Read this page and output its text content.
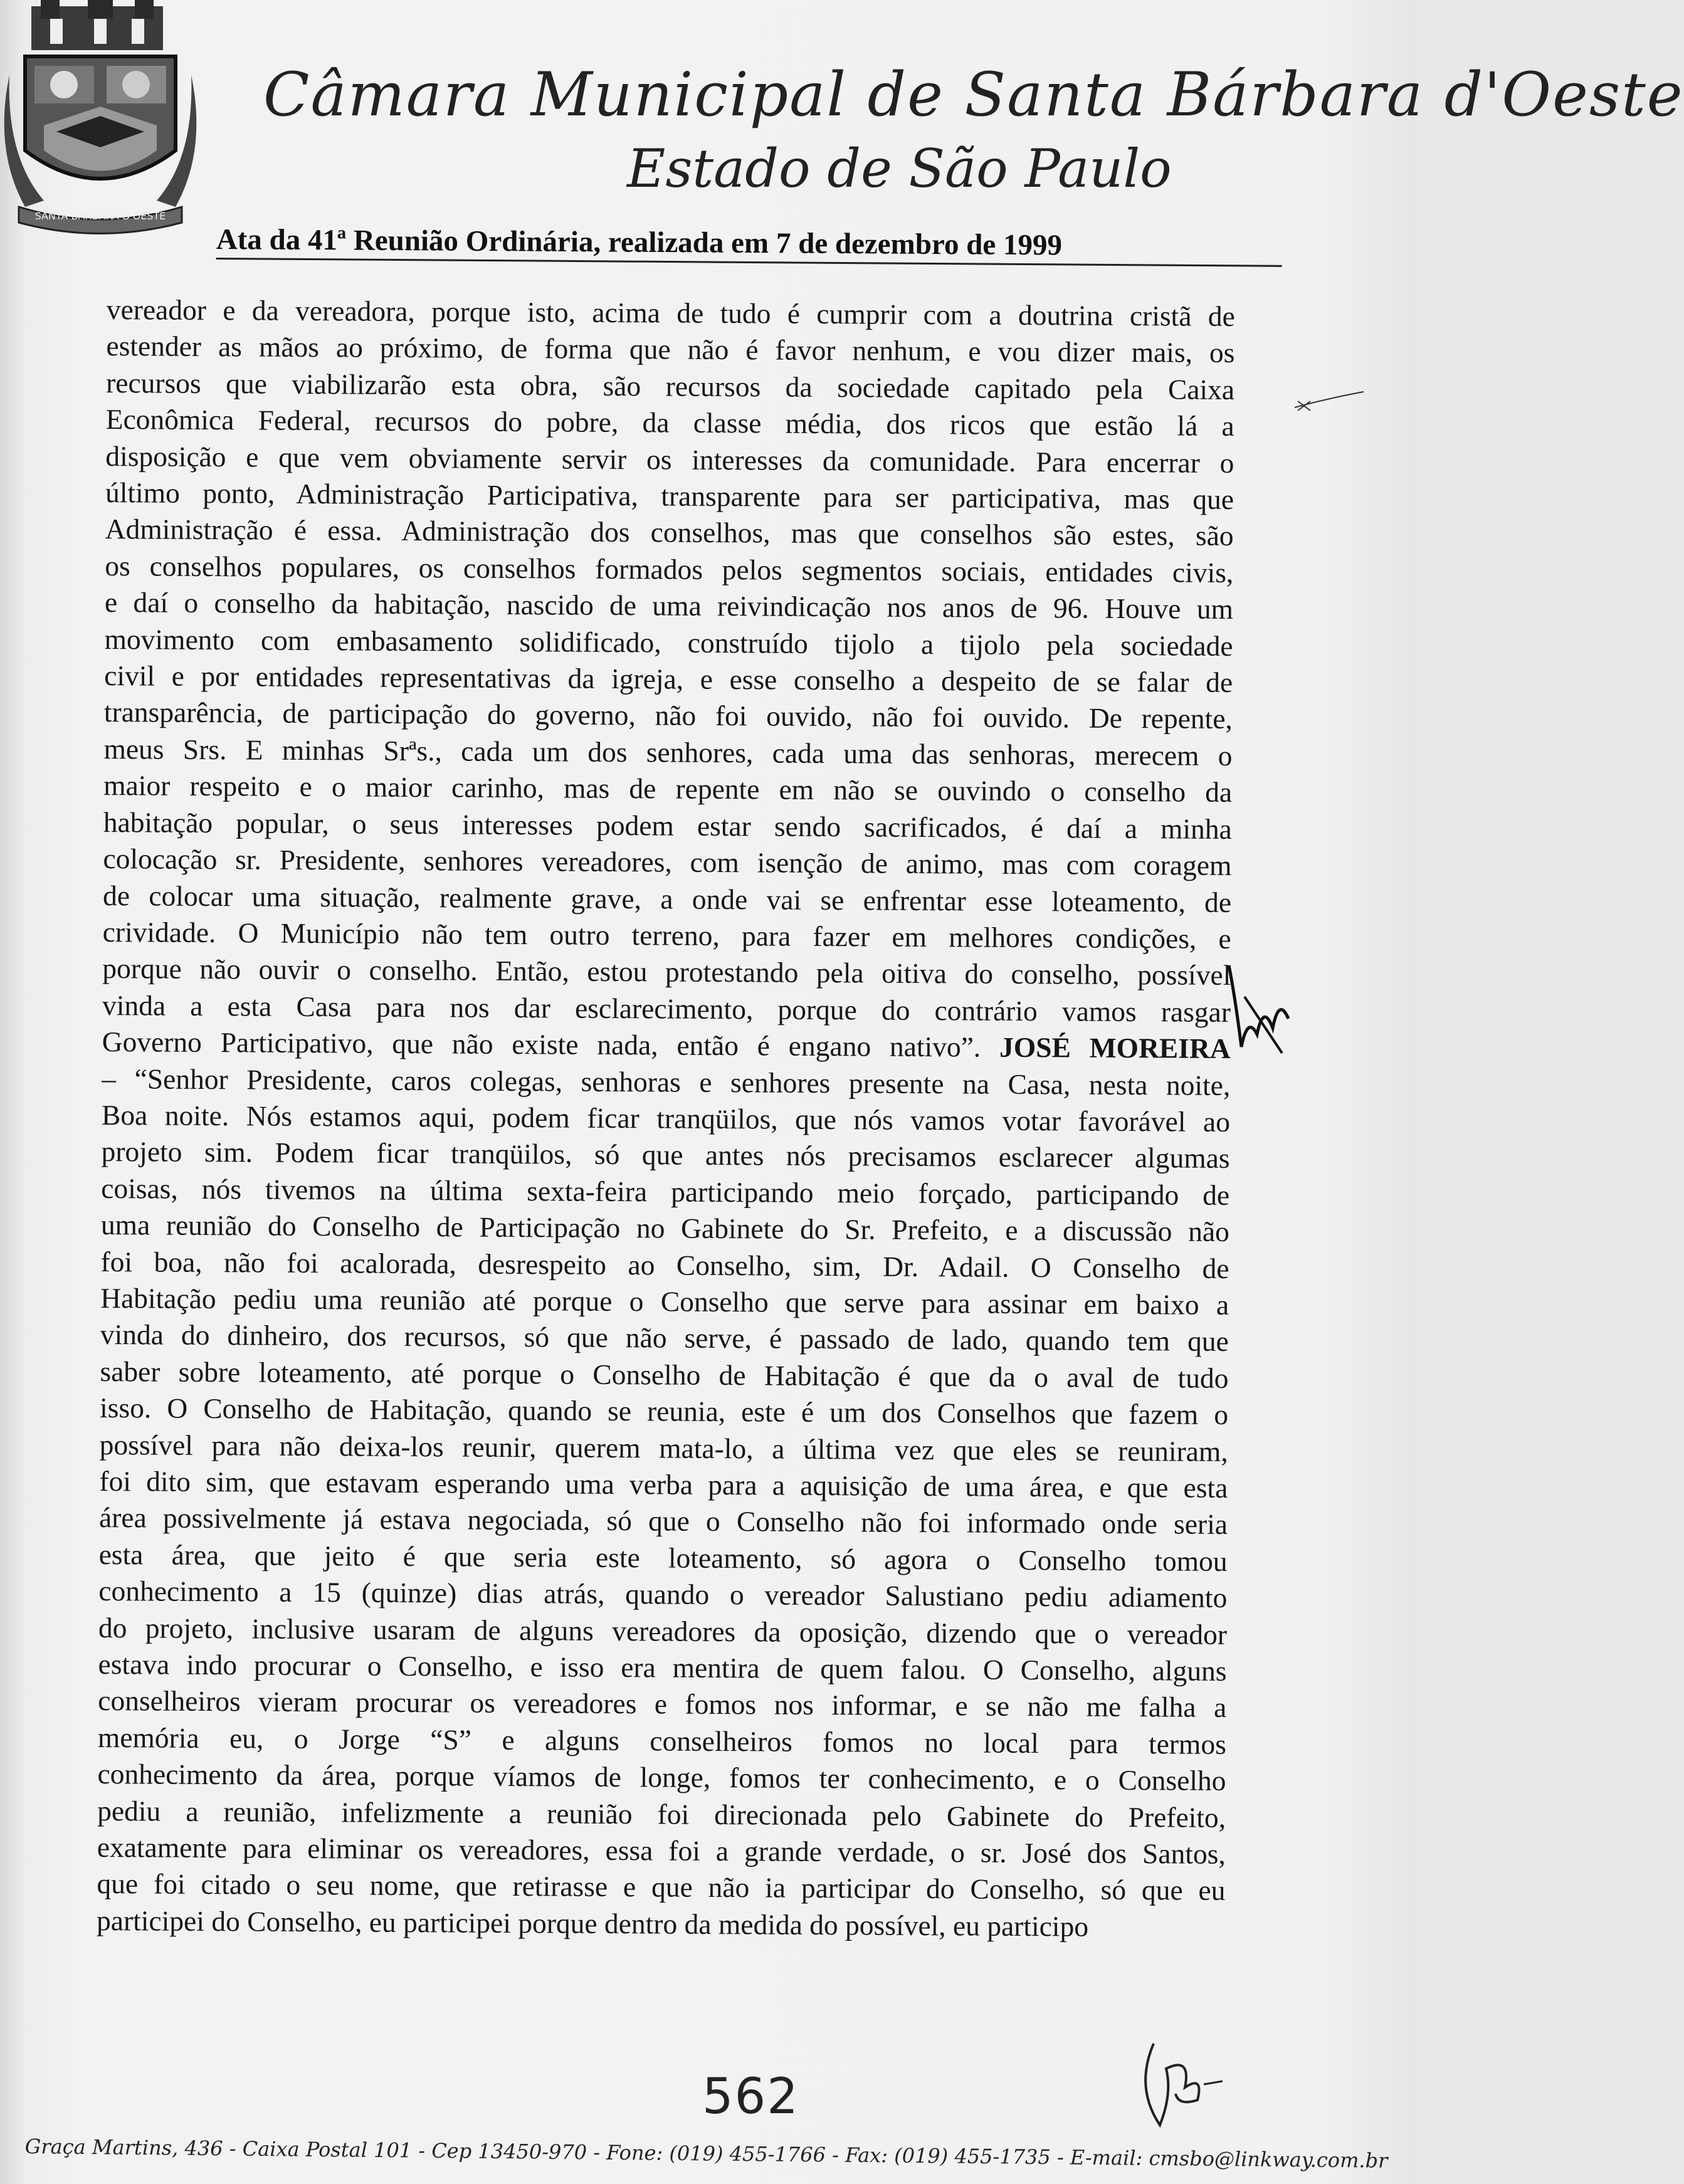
SANTA BÁRBARA D'OESTE
Câmara Municipal de Santa Bárbara d'Oeste
Estado de São Paulo
Ata da 41ª Reunião Ordinária, realizada em 7 de dezembro de 1999
vereador e da vereadora, porque isto, acima de tudo é cumprir com a doutrina cristã de
estender as mãos ao próximo, de forma que não é favor nenhum, e vou dizer mais, os
recursos que viabilizarão esta obra, são recursos da sociedade capitado pela Caixa
Econômica Federal, recursos do pobre, da classe média, dos ricos que estão lá a
disposição e que vem obviamente servir os interesses da comunidade. Para encerrar o
último ponto, Administração Participativa, transparente para ser participativa, mas que
Administração é essa. Administração dos conselhos, mas que conselhos são estes, são
os conselhos populares, os conselhos formados pelos segmentos sociais, entidades civis,
e daí o conselho da habitação, nascido de uma reivindicação nos anos de 96. Houve um
movimento com embasamento solidificado, construído tijolo a tijolo pela sociedade
civil e por entidades representativas da igreja, e esse conselho a despeito de se falar de
transparência, de participação do governo, não foi ouvido, não foi ouvido. De repente,
meus Srs. E minhas Srªs., cada um dos senhores, cada uma das senhoras, merecem o
maior respeito e o maior carinho, mas de repente em não se ouvindo o conselho da
habitação popular, o seus interesses podem estar sendo sacrificados, é daí a minha
colocação sr. Presidente, senhores vereadores, com isenção de animo, mas com coragem
de colocar uma situação, realmente grave, a onde vai se enfrentar esse loteamento, de
crividade. O Município não tem outro terreno, para fazer em melhores condições, e
porque não ouvir o conselho. Então, estou protestando pela oitiva do conselho, possível
vinda a esta Casa para nos dar esclarecimento, porque do contrário vamos rasgar
Governo Participativo, que não existe nada, então é engano nativo”. JOSÉ MOREIRA
– “Senhor Presidente, caros colegas, senhoras e senhores presente na Casa, nesta noite,
Boa noite. Nós estamos aqui, podem ficar tranqüilos, que nós vamos votar favorável ao
projeto sim. Podem ficar tranqüilos, só que antes nós precisamos esclarecer algumas
coisas, nós tivemos na última sexta-feira participando meio forçado, participando de
uma reunião do Conselho de Participação no Gabinete do Sr. Prefeito, e a discussão não
foi boa, não foi acalorada, desrespeito ao Conselho, sim, Dr. Adail. O Conselho de
Habitação pediu uma reunião até porque o Conselho que serve para assinar em baixo a
vinda do dinheiro, dos recursos, só que não serve, é passado de lado, quando tem que
saber sobre loteamento, até porque o Conselho de Habitação é que da o aval de tudo
isso. O Conselho de Habitação, quando se reunia, este é um dos Conselhos que fazem o
possível para não deixa-los reunir, querem mata-lo, a última vez que eles se reuniram,
foi dito sim, que estavam esperando uma verba para a aquisição de uma área, e que esta
área possivelmente já estava negociada, só que o Conselho não foi informado onde seria
esta área, que jeito é que seria este loteamento, só agora o Conselho tomou
conhecimento a 15 (quinze) dias atrás, quando o vereador Salustiano pediu adiamento
do projeto, inclusive usaram de alguns vereadores da oposição, dizendo que o vereador
estava indo procurar o Conselho, e isso era mentira de quem falou. O Conselho, alguns
conselheiros vieram procurar os vereadores e fomos nos informar, e se não me falha a
memória eu, o Jorge “S” e alguns conselheiros fomos no local para termos
conhecimento da área, porque víamos de longe, fomos ter conhecimento, e o Conselho
pediu a reunião, infelizmente a reunião foi direcionada pelo Gabinete do Prefeito,
exatamente para eliminar os vereadores, essa foi a grande verdade, o sr. José dos Santos,
que foi citado o seu nome, que retirasse e que não ia participar do Conselho, só que eu
participei do Conselho, eu participei porque dentro da medida do possível, eu participo
562
Graça Martins, 436 - Caixa Postal 101 - Cep 13450-970 - Fone: (019) 455-1766 - Fax: (019) 455-1735 - E-mail: cmsbo@linkway.com.br
